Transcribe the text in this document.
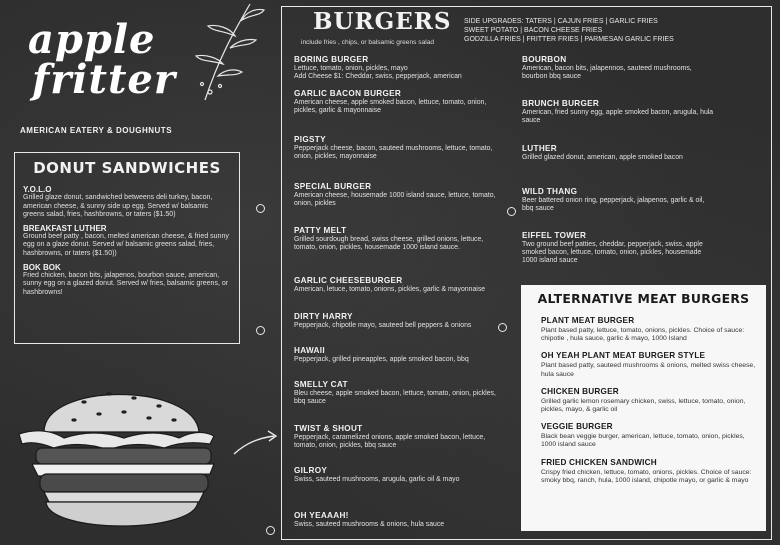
apple
fritter
AMERICAN EATERY & DOUGHNUTS
DONUT SANDWICHES
Y.O.L.O
Grilled glaze donut, sandwiched betweens deli turkey, bacon, american cheese, & sunny side up egg. Served w/ balsamic greens salad, fries, hashbrowns, or taters ($1.50)
BREAKFAST LUTHER
Ground beef patty , bacon, melted american cheese, & fried sunny egg on a glaze donut. Served w/ balsamic greens salad, fries, hashbrowns, or taters ($1.50))
BOK BOK
Fried chicken, bacon bits, jalapenos, bourbon sauce, american, sunny egg on a glazed donut. Served w/ fries, balsamic greens, or hashbrowns!
BURGERS
include fries , chips, or balsamic greens salad
SIDE UPGRADES: TATERS | CAJUN FRIES | GARLIC FRIES
SWEET POTATO | BACON CHEESE FRIES
GODZILLA FRIES | FRITTER FRIES | PARMESAN GARLIC FRIES
BORING BURGER
Lettuce, tomato, onion, pickles, mayo
Add Cheese $1: Cheddar, swiss, pepperjack, american
GARLIC BACON BURGER
American cheese, apple smoked bacon, lettuce, tomato, onion, pickles, garlic & mayonnaise
PIGSTY
Pepperjack cheese, bacon, sauteed mushrooms, lettuce, tomato, onion, pickles, mayonnaise
SPECIAL BURGER
American cheese, housemade 1000 island sauce, lettuce, tomato, onion, pickles
PATTY MELT
Grilled sourdough bread, swiss cheese, grilled onions, lettuce, tomato, onion, pickles, housemade 1000 island sauce.
GARLIC CHEESEBURGER
American, letuce, tomato, onions, pickles, garlic & mayonnaise
DIRTY HARRY
Pepperjack, chipotle mayo, sauteed bell peppers & onions
HAWAII
Pepperjack, grilled pineapples, apple smoked bacon, bbq
SMELLY CAT
Bleu cheese, apple smoked bacon, lettuce, tomato, onion, pickles, bbq sauce
TWIST & SHOUT
Pepperjack, caramelized onions, apple smoked bacon, lettuce, tomato, onion, pickles, bbq sauce
GILROY
Swiss, sauteed mushrooms, arugula, garlic oil & mayo
OH YEAAAH!
Swiss, sauteed mushrooms & onions, hula sauce
BOURBON
American, bacon bits, jalapennos, sauteed mushrooms, bourbon bbq sauce
BRUNCH BURGER
American, fried sunny egg, apple smoked bacon, arugula, hula sauce
LUTHER
Grilled glazed donut, american, apple smoked bacon
WILD THANG
Beer battered onion ring, pepperjack, jalapenos, garlic & oil, bbq sauce
EIFFEL TOWER
Two ground beef patties, cheddar, pepperjack, swiss, apple smoked bacon, lettuce, tomato, onion, pickles, housemade 1000 island sauce
ALTERNATIVE MEAT BURGERS
PLANT MEAT BURGER
Plant based patty, lettuce, tomato, onions, pickles. Choice of sauce: chipotle , hula sauce, garlic & mayo, 1000 Island
OH YEAH PLANT MEAT BURGER STYLE
Plant based patty, sauteed mushrooms & onions, melted swiss cheese, hula sauce
CHICKEN BURGER
Grilled garlic lemon rosemary chicken, swiss, lettuce, tomato, onion, pickles, mayo, & garlic oil
VEGGIE BURGER
Black bean veggie burger, american, lettuce, tomato, onion, pickles, 1000 island sauce
FRIED CHICKEN SANDWICH
Crispy fried chicken, lettuce, tomato, onions, pickles. Choice of sauce: smoky bbq, ranch, hula, 1000 island, chipotle mayo, or garlic & mayo
